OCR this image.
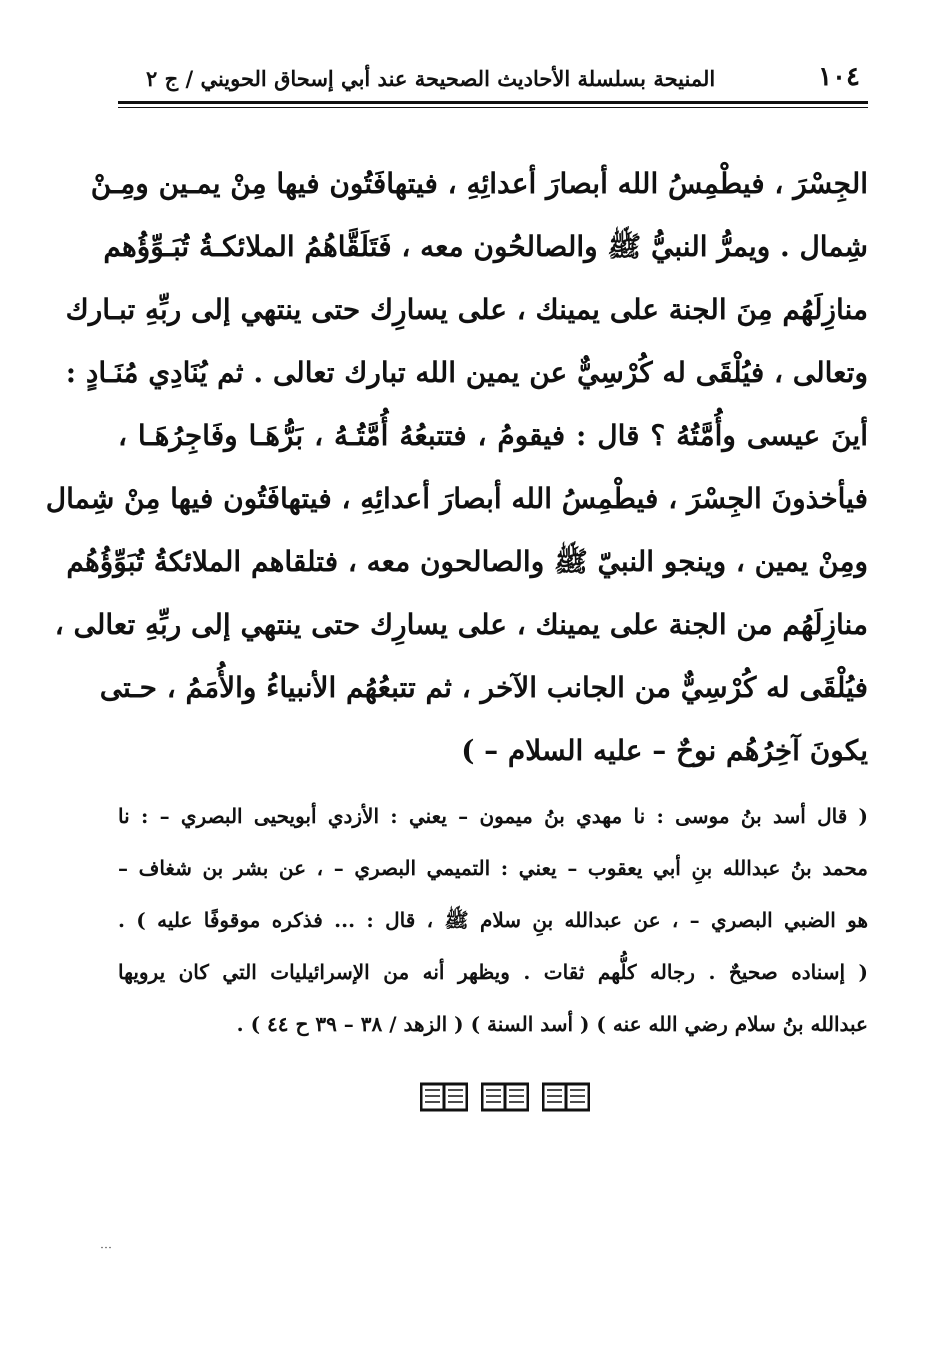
١٠٤
المنيحة بسلسلة الأحاديث الصحيحة عند أبي إسحاق الحويني / ج ٢
الجِسْرَ ، فيطْمِسُ الله أبصارَ أعدائِهِ ، فيتهافَتُون فيها مِنْ يمـين ومِـنْ
شِمال . ويمرُّ النبيُّ ﷺ والصالحُون معه ، فَتَلَقَّاهُمُ الملائكـةُ تُبَـوِّؤُهم
منازِلَهُم مِنَ الجنة على يمينك ، على يسارِك حتى ينتهي إلى ربِّهِ تبـارك
وتعالى ، فيُلْقَى له كُرْسِيٌّ عن يمين الله تبارك تعالى . ثم يُنَادِي مُنَـادٍ :
أينَ عيسى وأُمَّتُهُ ؟ قال : فيقومُ ، فتتبعُهُ أُمَّتُـهُ ، بَرُّهَـا وفَاجِرُهَـا ،
فيأخذونَ الجِسْرَ ، فيطْمِسُ الله أبصارَ أعدائِهِ ، فيتهافَتُون فيها مِنْ شِمال
ومِنْ يمين ، وينجو النبيّ ﷺ والصالحون معه ، فتلقاهم الملائكةُ تُبَوِّؤُهُم
منازِلَهُم من الجنة على يمينك ، على يسارِك حتى ينتهي إلى ربِّهِ تعالى ،
فيُلْقَى له كُرْسِيٌّ من الجانب الآخر ، ثم تتبعُهُم الأنبياءُ والأُمَمُ ، حـتى
يكونَ آخِرُهُم نوحٌ – عليه السلام – )
( قال أسد بنُ موسى : نا مهدي بنُ ميمون – يعني : الأزدي أبويحيى البصري – : نا
محمد بنُ عبدالله بنِ أبي يعقوب – يعني : التميمي البصري – ، عن بشر بن شغاف –
هو الضبي البصري – ، عن عبدالله بنِ سلام ﷺ ، قال : ... فذكره موقوفًا عليه ) .
( إسناده صحيحٌ . رجاله كلُّهم ثقات . ويظهر أنه من الإسرائيليات التي كان يرويها
عبدالله بنُ سلام رضي الله عنه ) ( أسد السنة ) ( الزهد / ٣٨ – ٣٩ ح ٤٤ ) .
